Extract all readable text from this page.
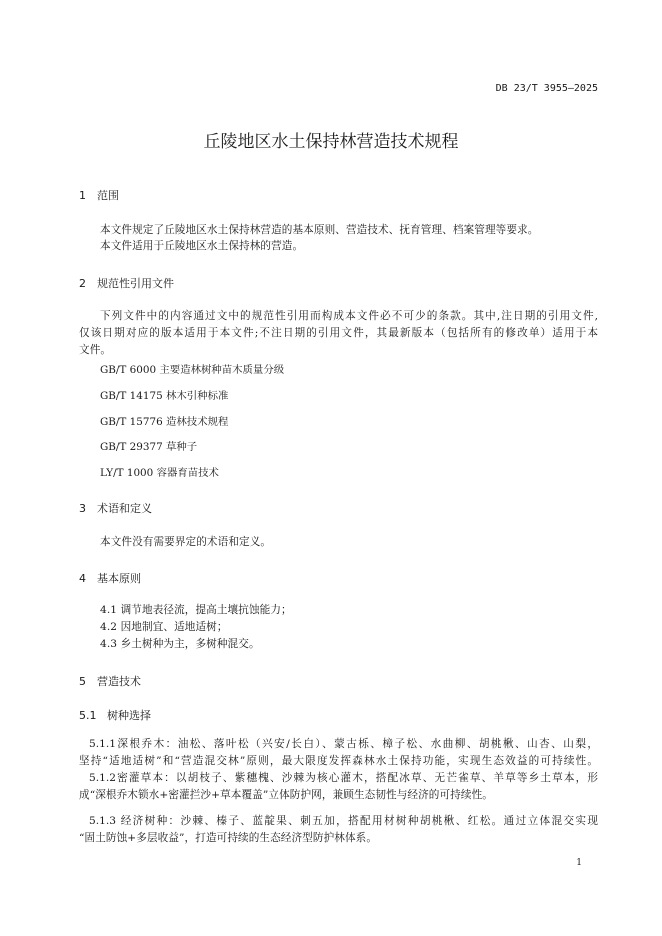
DB 23/T 3955—2025
丘陵地区水土保持林营造技术规程
1 范围
本文件规定了丘陵地区水土保持林营造的基本原则、营造技术、抚育管理、档案管理等要求。
本文件适用于丘陵地区水土保持林的营造。
2 规范性引用文件
下列文件中的内容通过文中的规范性引用而构成本文件必不可少的条款。其中,注日期的引用文件,
仅该日期对应的版本适用于本文件;不注日期的引用文件，其最新版本（包括所有的修改单）适用于本
文件。
GB/T 6000 主要造林树种苗木质量分级
GB/T 14175 林木引种标准
GB/T 15776 造林技术规程
GB/T 29377 草种子
LY/T 1000 容器育苗技术
3 术语和定义
本文件没有需要界定的术语和定义。
4 基本原则
4.1 调节地表径流，提高土壤抗蚀能力；
4.2 因地制宜、适地适树；
4.3 乡土树种为主，多树种混交。
5 营造技术
5.1 树种选择
5.1.1深根乔木：油松、落叶松（兴安/长白）、蒙古栎、樟子松、水曲柳、胡桃楸、山杏、山梨，
坚持“适地适树”和“营造混交林”原则，最大限度发挥森林水土保持功能，实现生态效益的可持续性。
5.1.2密灌草本：以胡枝子、紫穗槐、沙棘为核心灌木，搭配冰草、无芒雀草、羊草等乡土草本，形
成“深根乔木锁水+密灌拦沙+草本覆盖”立体防护网，兼顾生态韧性与经济的可持续性。
5.1.3 经济树种：沙棘、榛子、蓝靛果、刺五加，搭配用材树种胡桃楸、红松。通过立体混交实现
“固土防蚀+多层收益”，打造可持续的生态经济型防护林体系。
1
